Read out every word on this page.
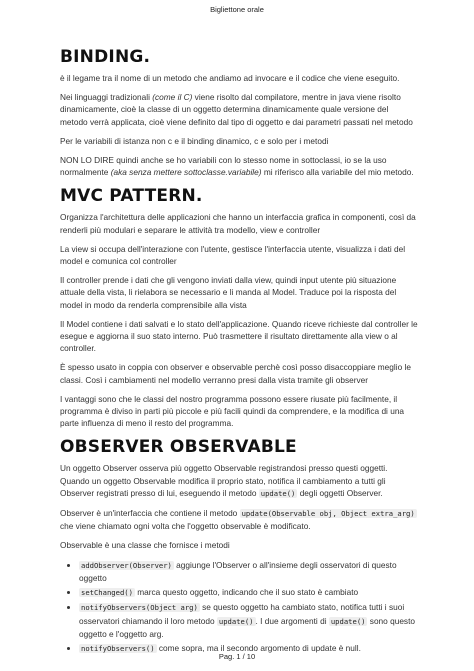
Bigliettone orale
BINDING.

è il legame tra il nome di un metodo che andiamo ad invocare e il codice che viene eseguito.

Nei linguaggi tradizionali (come il C) viene risolto dal compilatore, mentre in java viene risolto dinamicamente, cioè la classe di un oggetto determina dinamicamente quale versione del metodo verrà applicata, cioè viene definito dal tipo di oggetto e dai parametri passati nel metodo

Per le variabili di istanza non c e il binding dinamico, c e solo per i metodi

NON LO DIRE quindi anche se ho variabili con lo stesso nome in sottoclassi, io se la uso normalmente (aka senza mettere sottoclasse.variabile) mi riferisco alla variabile del mio metodo.

MVC PATTERN.

Organizza l'architettura delle applicazioni che hanno un interfaccia grafica in componenti, così da renderli più modulari e separare le attività tra modello, view e controller

La view si occupa dell'interazione con l'utente, gestisce l'interfaccia utente, visualizza i dati del model e comunica col controller

Il controller prende i dati che gli vengono inviati dalla view, quindi input utente più situazione attuale della vista, li rielabora se necessario e li manda al Model. Traduce poi la risposta del model in modo da renderla comprensibile alla vista

Il Model contiene i dati salvati e lo stato dell'applicazione. Quando riceve richieste dal controller le esegue e aggiorna il suo stato interno. Può trasmettere il risultato direttamente alla view o al controller.

È spesso usato in coppia con observer e observable perchè così posso disaccoppiare meglio le classi. Così i cambiamenti nel modello verranno presi dalla vista tramite gli observer

I vantaggi sono che le classi del nostro programma possono essere riusate più facilmente, il programma è diviso in parti più piccole e più facili quindi da comprendere, e la modifica di una parte influenza di meno il resto del programma.

OBSERVER OBSERVABLE

Un oggetto Observer osserva più oggetto Observable registrandosi presso questi oggetti. Quando un oggetto Observable modifica il proprio stato, notifica il cambiamento a tutti gli Observer registrati presso di lui, eseguendo il metodo update() degli oggetti Observer.

Observer è un'interfaccia che contiene il metodo update(Observable obj, Object extra_arg) che viene chiamato ogni volta che l'oggetto observable è modificato.

Observable è una classe che fornisce i metodi

• addObserver(Observer) aggiunge l'Observer o all'insieme degli osservatori di questo oggetto
• setChanged() marca questo oggetto, indicando che il suo stato è cambiato
• notifyObservers(Object arg) se questo oggetto ha cambiato stato, notifica tutti i suoi osservatori chiamando il loro metodo update() . I due argomenti di update() sono questo oggetto e l'oggetto arg.
• notifyObservers() come sopra, ma il secondo argomento di update è null.
Pag. 1 / 10
